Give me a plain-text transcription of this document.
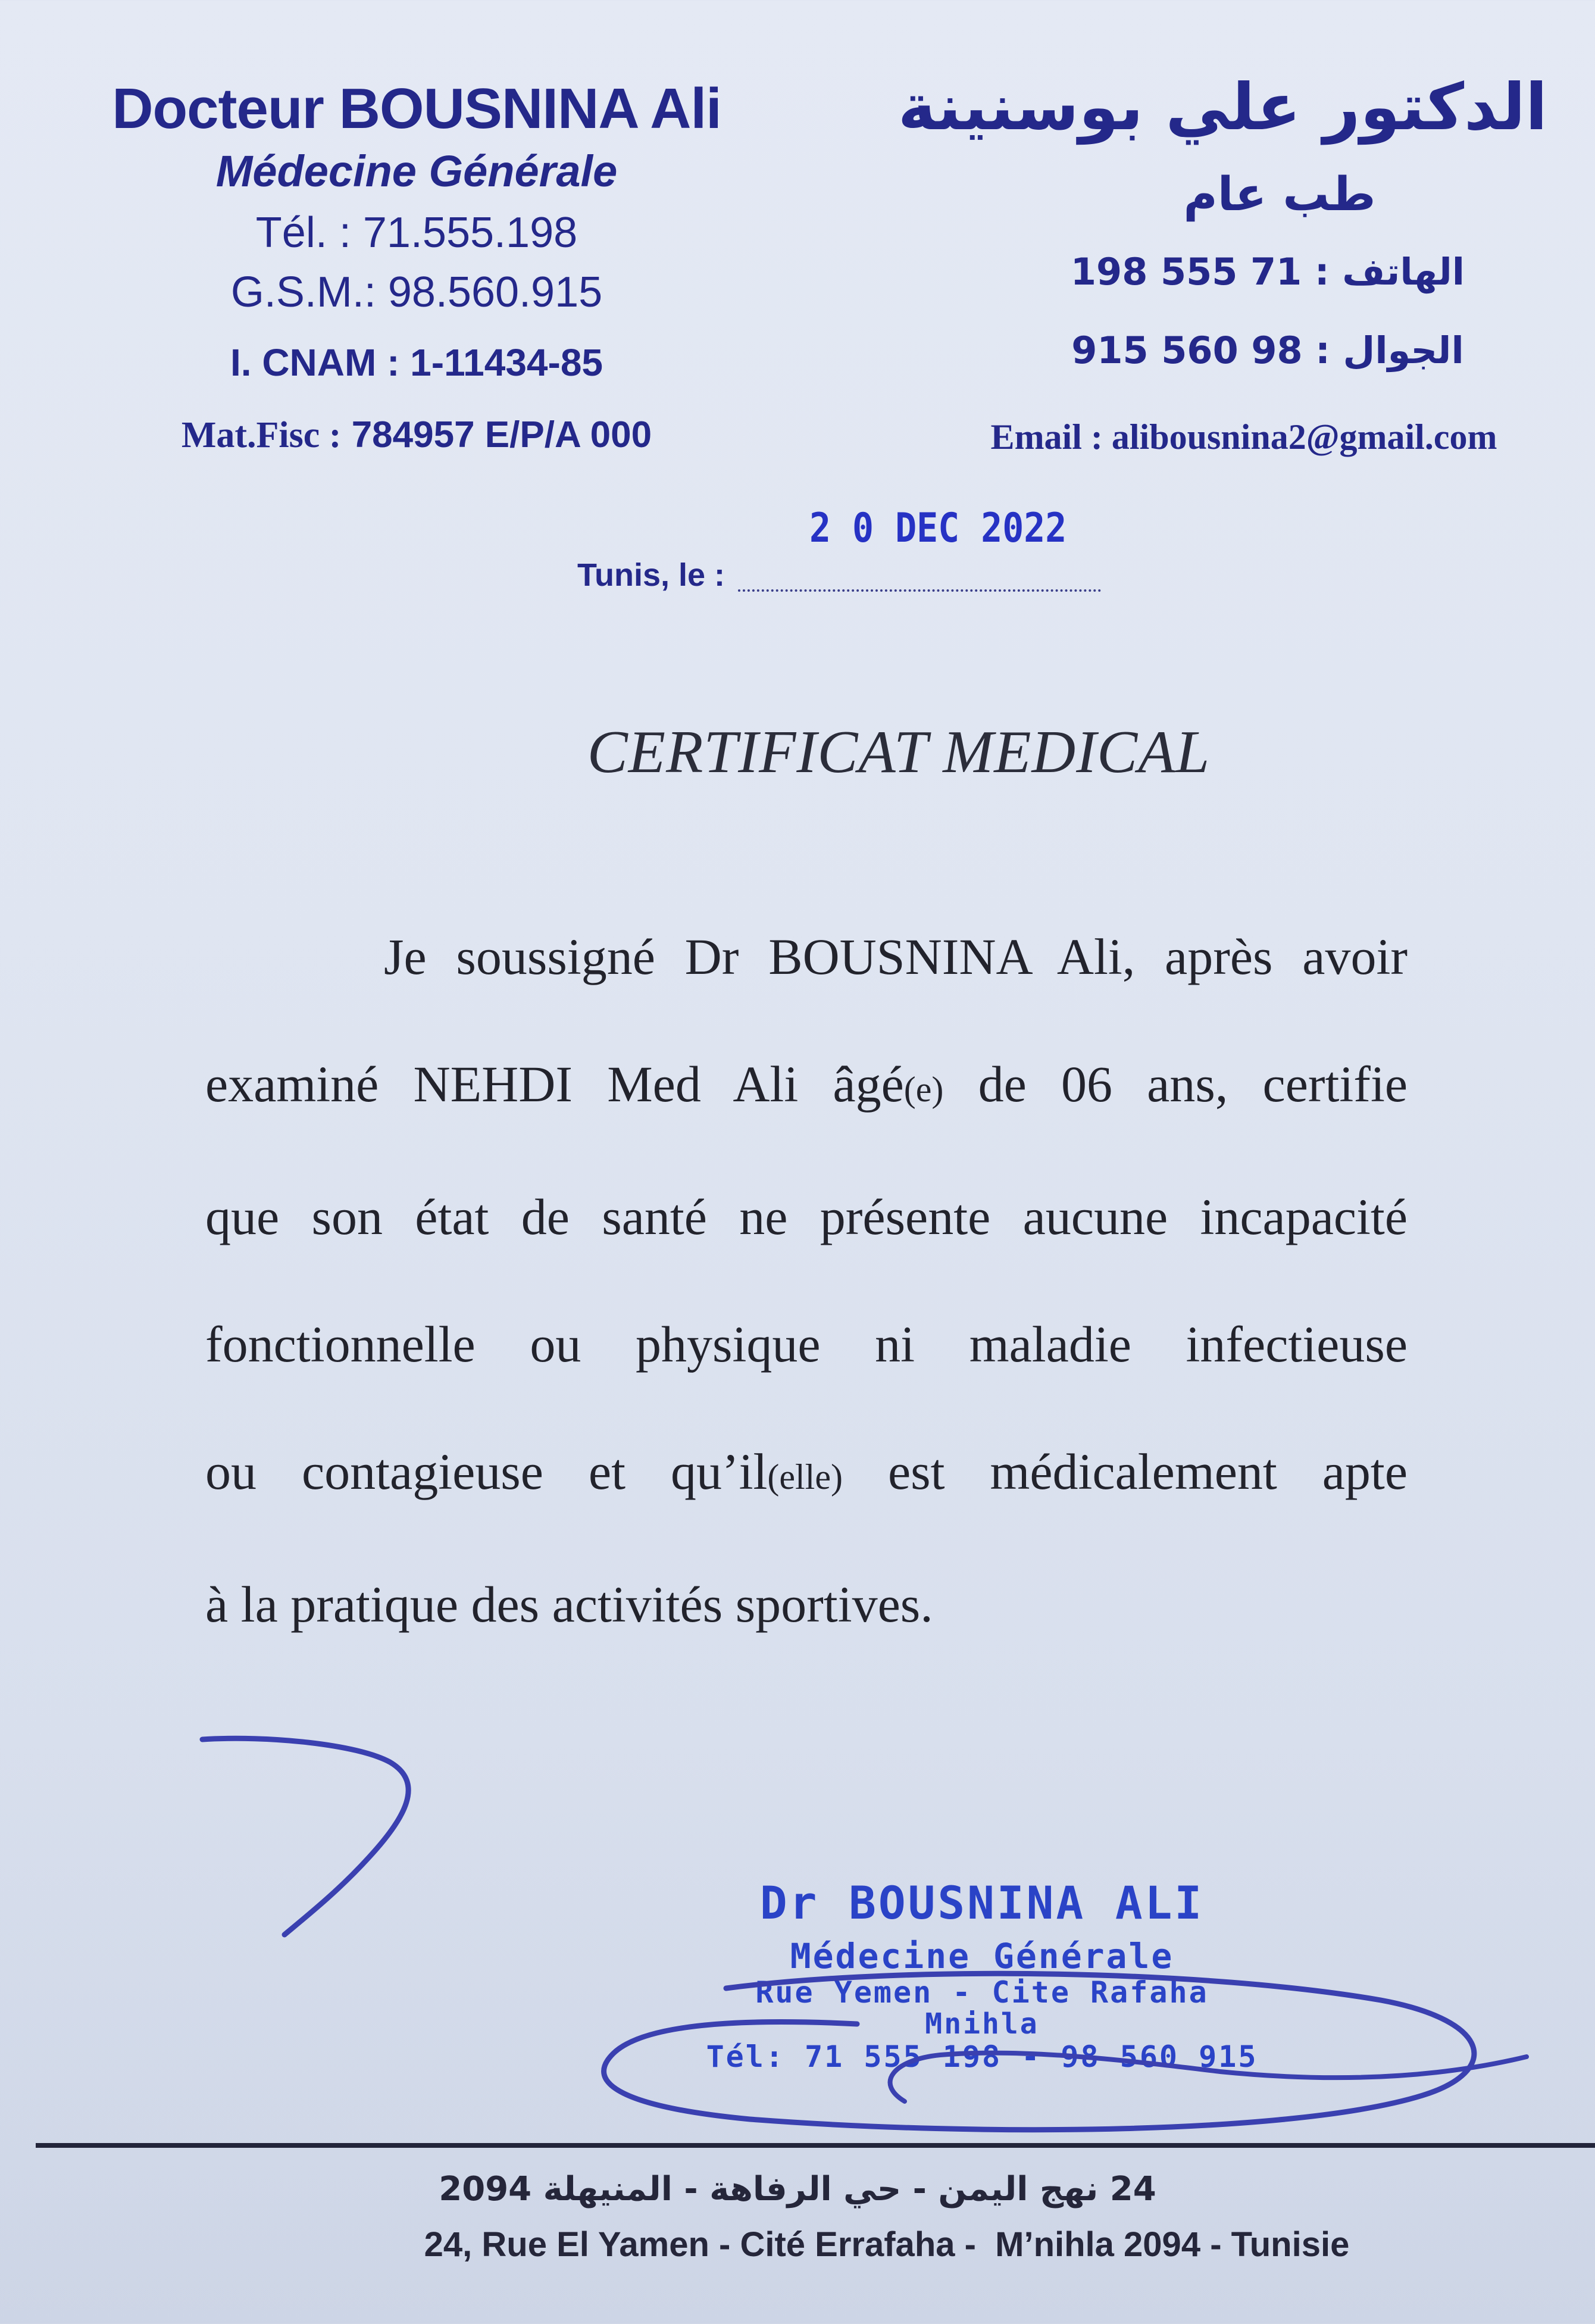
Docteur BOUSNINA Ali
Médecine Générale
Tél. : 71.555.198
G.S.M.: 98.560.915
I. CNAM : 1-11434-85
Mat.Fisc : 784957 E/P/A 000
الدكتور علي بوسنينة
طب عام
الهاتف : 71 555 198
الجوال : 98 560 915
Email : alibousnina2@gmail.com
2 0 DEC 2022
Tunis, le :
CERTIFICAT MEDICAL
Je soussigné Dr BOUSNINA Ali, après avoir
examiné NEHDI Med Ali âgé(e) de 06 ans, certifie
que son état de santé ne présente aucune incapacité
fonctionnelle ou physique ni maladie infectieuse
ou contagieuse et qu’il(elle) est médicalement apte
à la pratique des activités sportives.
Dr BOUSNINA ALI
Médecine Générale
Rue Yemen - Cite Rafaha
Mnihla
Tél: 71 555 198 - 98 560 915
24 نهج اليمن - حي الرفاهة - المنيهلة 2094
24, Rue El Yamen - Cité Errafaha -  M’nihla 2094 - Tunisie
